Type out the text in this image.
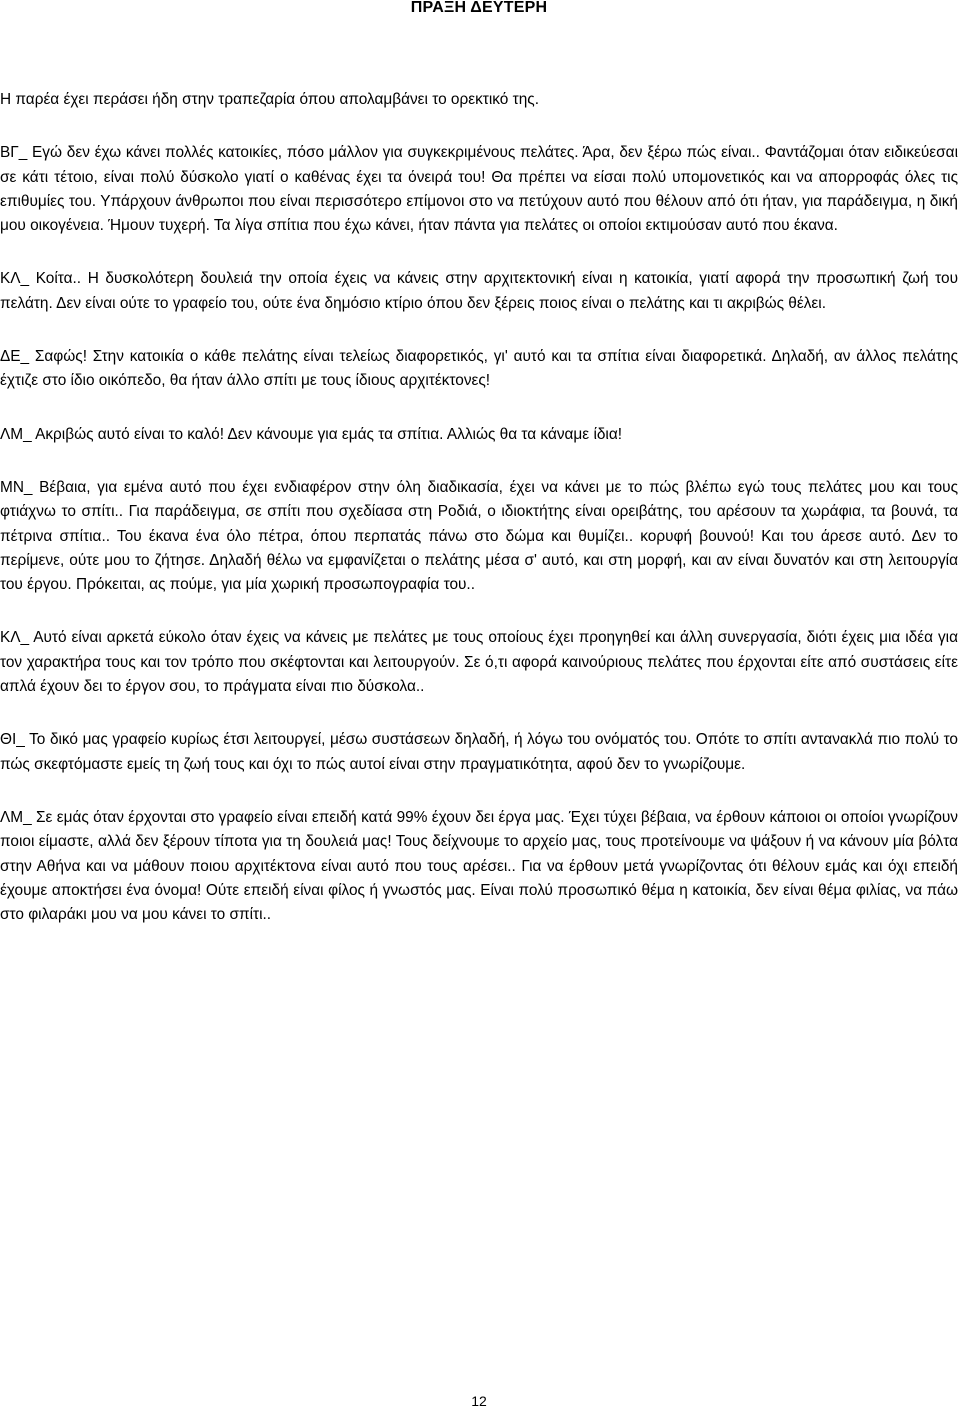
ΠΡΑΞΗ ΔΕΥΤΕΡΗ

Η παρέα έχει περάσει ήδη στην τραπεζαρία όπου απολαμβάνει το ορεκτικό της.

ΒΓ_ Εγώ δεν έχω κάνει πολλές κατοικίες, πόσο μάλλον για συγκεκριμένους πελάτες. Άρα, δεν ξέρω πώς είναι.. Φαντάζομαι όταν ειδικεύεσαι σε κάτι τέτοιο, είναι πολύ δύσκολο γιατί ο καθένας έχει τα όνειρά του! Θα πρέπει να είσαι πολύ υπομονετικός και να απορροφάς όλες τις επιθυμίες του. Υπάρχουν άνθρωποι που είναι περισσότερο επίμονοι στο να πετύχουν αυτό που θέλουν από ότι ήταν, για παράδειγμα, η δική μου οικογένεια. Ήμουν τυχερή. Τα λίγα σπίτια που έχω κάνει, ήταν πάντα για πελάτες οι οποίοι εκτιμούσαν αυτό που έκανα.

ΚΛ_ Κοίτα.. Η δυσκολότερη δουλειά την οποία έχεις να κάνεις στην αρχιτεκτονική είναι η κατοικία, γιατί αφορά την προσωπική ζωή του πελάτη. Δεν είναι ούτε το γραφείο του, ούτε ένα δημόσιο κτίριο όπου δεν ξέρεις ποιος είναι ο πελάτης και τι ακριβώς θέλει.

ΔΕ_ Σαφώς! Στην κατοικία ο κάθε πελάτης είναι τελείως διαφορετικός, γι' αυτό και τα σπίτια είναι διαφορετικά. Δηλαδή, αν άλλος πελάτης έχτιζε στο ίδιο οικόπεδο, θα ήταν άλλο σπίτι με τους ίδιους αρχιτέκτονες!

ΛΜ_ Ακριβώς αυτό είναι το καλό! Δεν κάνουμε για εμάς τα σπίτια. Αλλιώς θα τα κάναμε ίδια!

ΜΝ_ Βέβαια, για εμένα αυτό που έχει ενδιαφέρον στην όλη διαδικασία, έχει να κάνει με το πώς βλέπω εγώ τους πελάτες μου και τους φτιάχνω το σπίτι.. Για παράδειγμα, σε σπίτι που σχεδίασα στη Ροδιά, ο ιδιοκτήτης είναι ορειβάτης, του αρέσουν τα χωράφια, τα βουνά, τα πέτρινα σπίτια.. Του έκανα ένα όλο πέτρα, όπου περπατάς πάνω στο δώμα και θυμίζει.. κορυφή βουνού! Και του άρεσε αυτό. Δεν το περίμενε, ούτε μου το ζήτησε. Δηλαδή θέλω να εμφανίζεται ο πελάτης μέσα σ' αυτό, και στη μορφή, και αν είναι δυνατόν και στη λειτουργία του έργου. Πρόκειται, ας πούμε, για μία χωρική προσωπογραφία του..

ΚΛ_ Αυτό είναι αρκετά εύκολο όταν έχεις να κάνεις με πελάτες με τους οποίους έχει προηγηθεί και άλλη συνεργασία, διότι έχεις μια ιδέα για τον χαρακτήρα τους και τον τρόπο που σκέφτονται και λειτουργούν. Σε ό,τι αφορά καινούριους πελάτες που έρχονται είτε από συστάσεις είτε απλά έχουν δει το έργον σου, το πράγματα είναι πιο δύσκολα..

ΘΙ_ Το δικό μας γραφείο κυρίως έτσι λειτουργεί, μέσω συστάσεων δηλαδή, ή λόγω του ονόματός του. Οπότε το σπίτι αντανακλά πιο πολύ το πώς σκεφτόμαστε εμείς τη ζωή τους και όχι το πώς αυτοί είναι στην πραγματικότητα, αφού δεν το γνωρίζουμε.

ΛΜ_ Σε εμάς όταν έρχονται στο γραφείο είναι επειδή κατά 99% έχουν δει έργα μας. Έχει τύχει βέβαια, να έρθουν κάποιοι οι οποίοι γνωρίζουν ποιοι είμαστε, αλλά δεν ξέρουν τίποτα για τη δουλειά μας! Τους δείχνουμε το αρχείο μας, τους προτείνουμε να ψάξουν ή να κάνουν μία βόλτα στην Αθήνα και να μάθουν ποιου αρχιτέκτονα είναι αυτό που τους αρέσει.. Για να έρθουν μετά γνωρίζοντας ότι θέλουν εμάς και όχι επειδή έχουμε αποκτήσει ένα όνομα! Ούτε επειδή είναι φίλος ή γνωστός μας. Είναι πολύ προσωπικό θέμα η κατοικία, δεν είναι θέμα φιλίας, να πάω στο φιλαράκι μου να μου κάνει το σπίτι..

12
